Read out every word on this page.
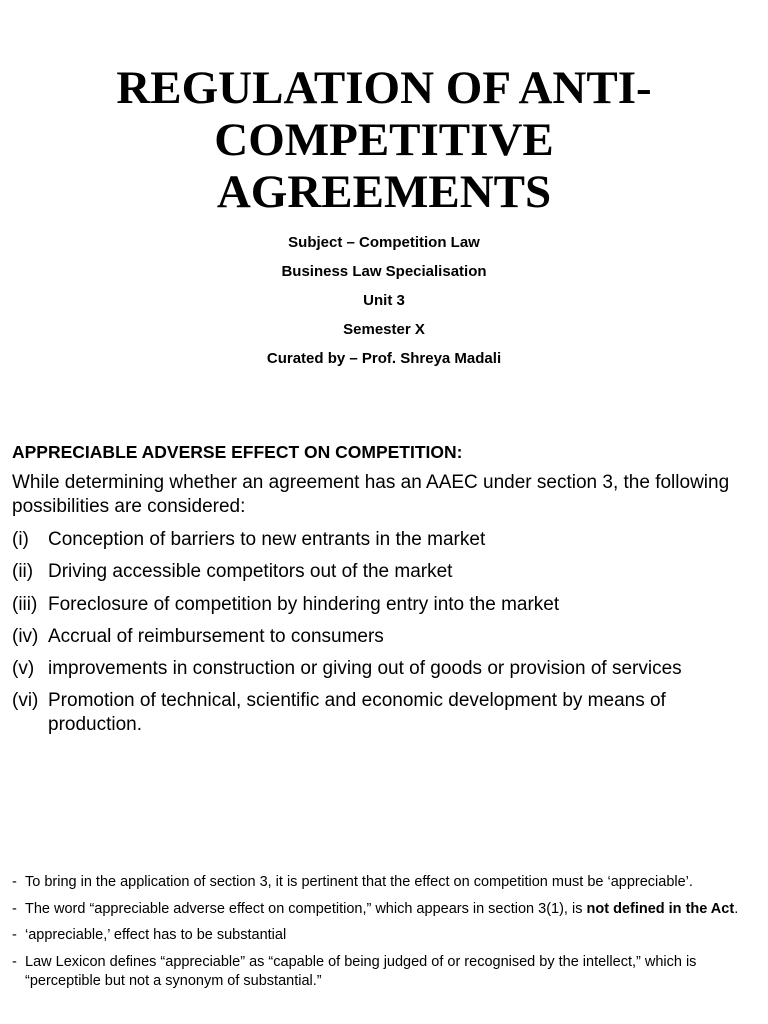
REGULATION OF ANTI-
COMPETITIVE
AGREEMENTS
Subject – Competition Law
Business Law Specialisation
Unit 3
Semester X
Curated by – Prof. Shreya Madali
APPRECIABLE ADVERSE EFFECT ON COMPETITION:

While determining whether an agreement has an AAEC under section 3, the following possibilities are considered:

(i) Conception of barriers to new entrants in the market
(ii) Driving accessible competitors out of the market
(iii) Foreclosure of competition by hindering entry into the market
(iv) Accrual of reimbursement to consumers
(v) improvements in construction or giving out of goods or provision of services
(vi) Promotion of technical, scientific and economic development by means of production.
- To bring in the application of section 3, it is pertinent that the effect on competition must be ‘appreciable’.
- The word “appreciable adverse effect on competition,” which appears in section 3(1), is not defined in the Act.
- ‘appreciable,’ effect has to be substantial
- Law Lexicon defines “appreciable” as “capable of being judged of or recognised by the intellect,” which is “perceptible but not a synonym of substantial.”
